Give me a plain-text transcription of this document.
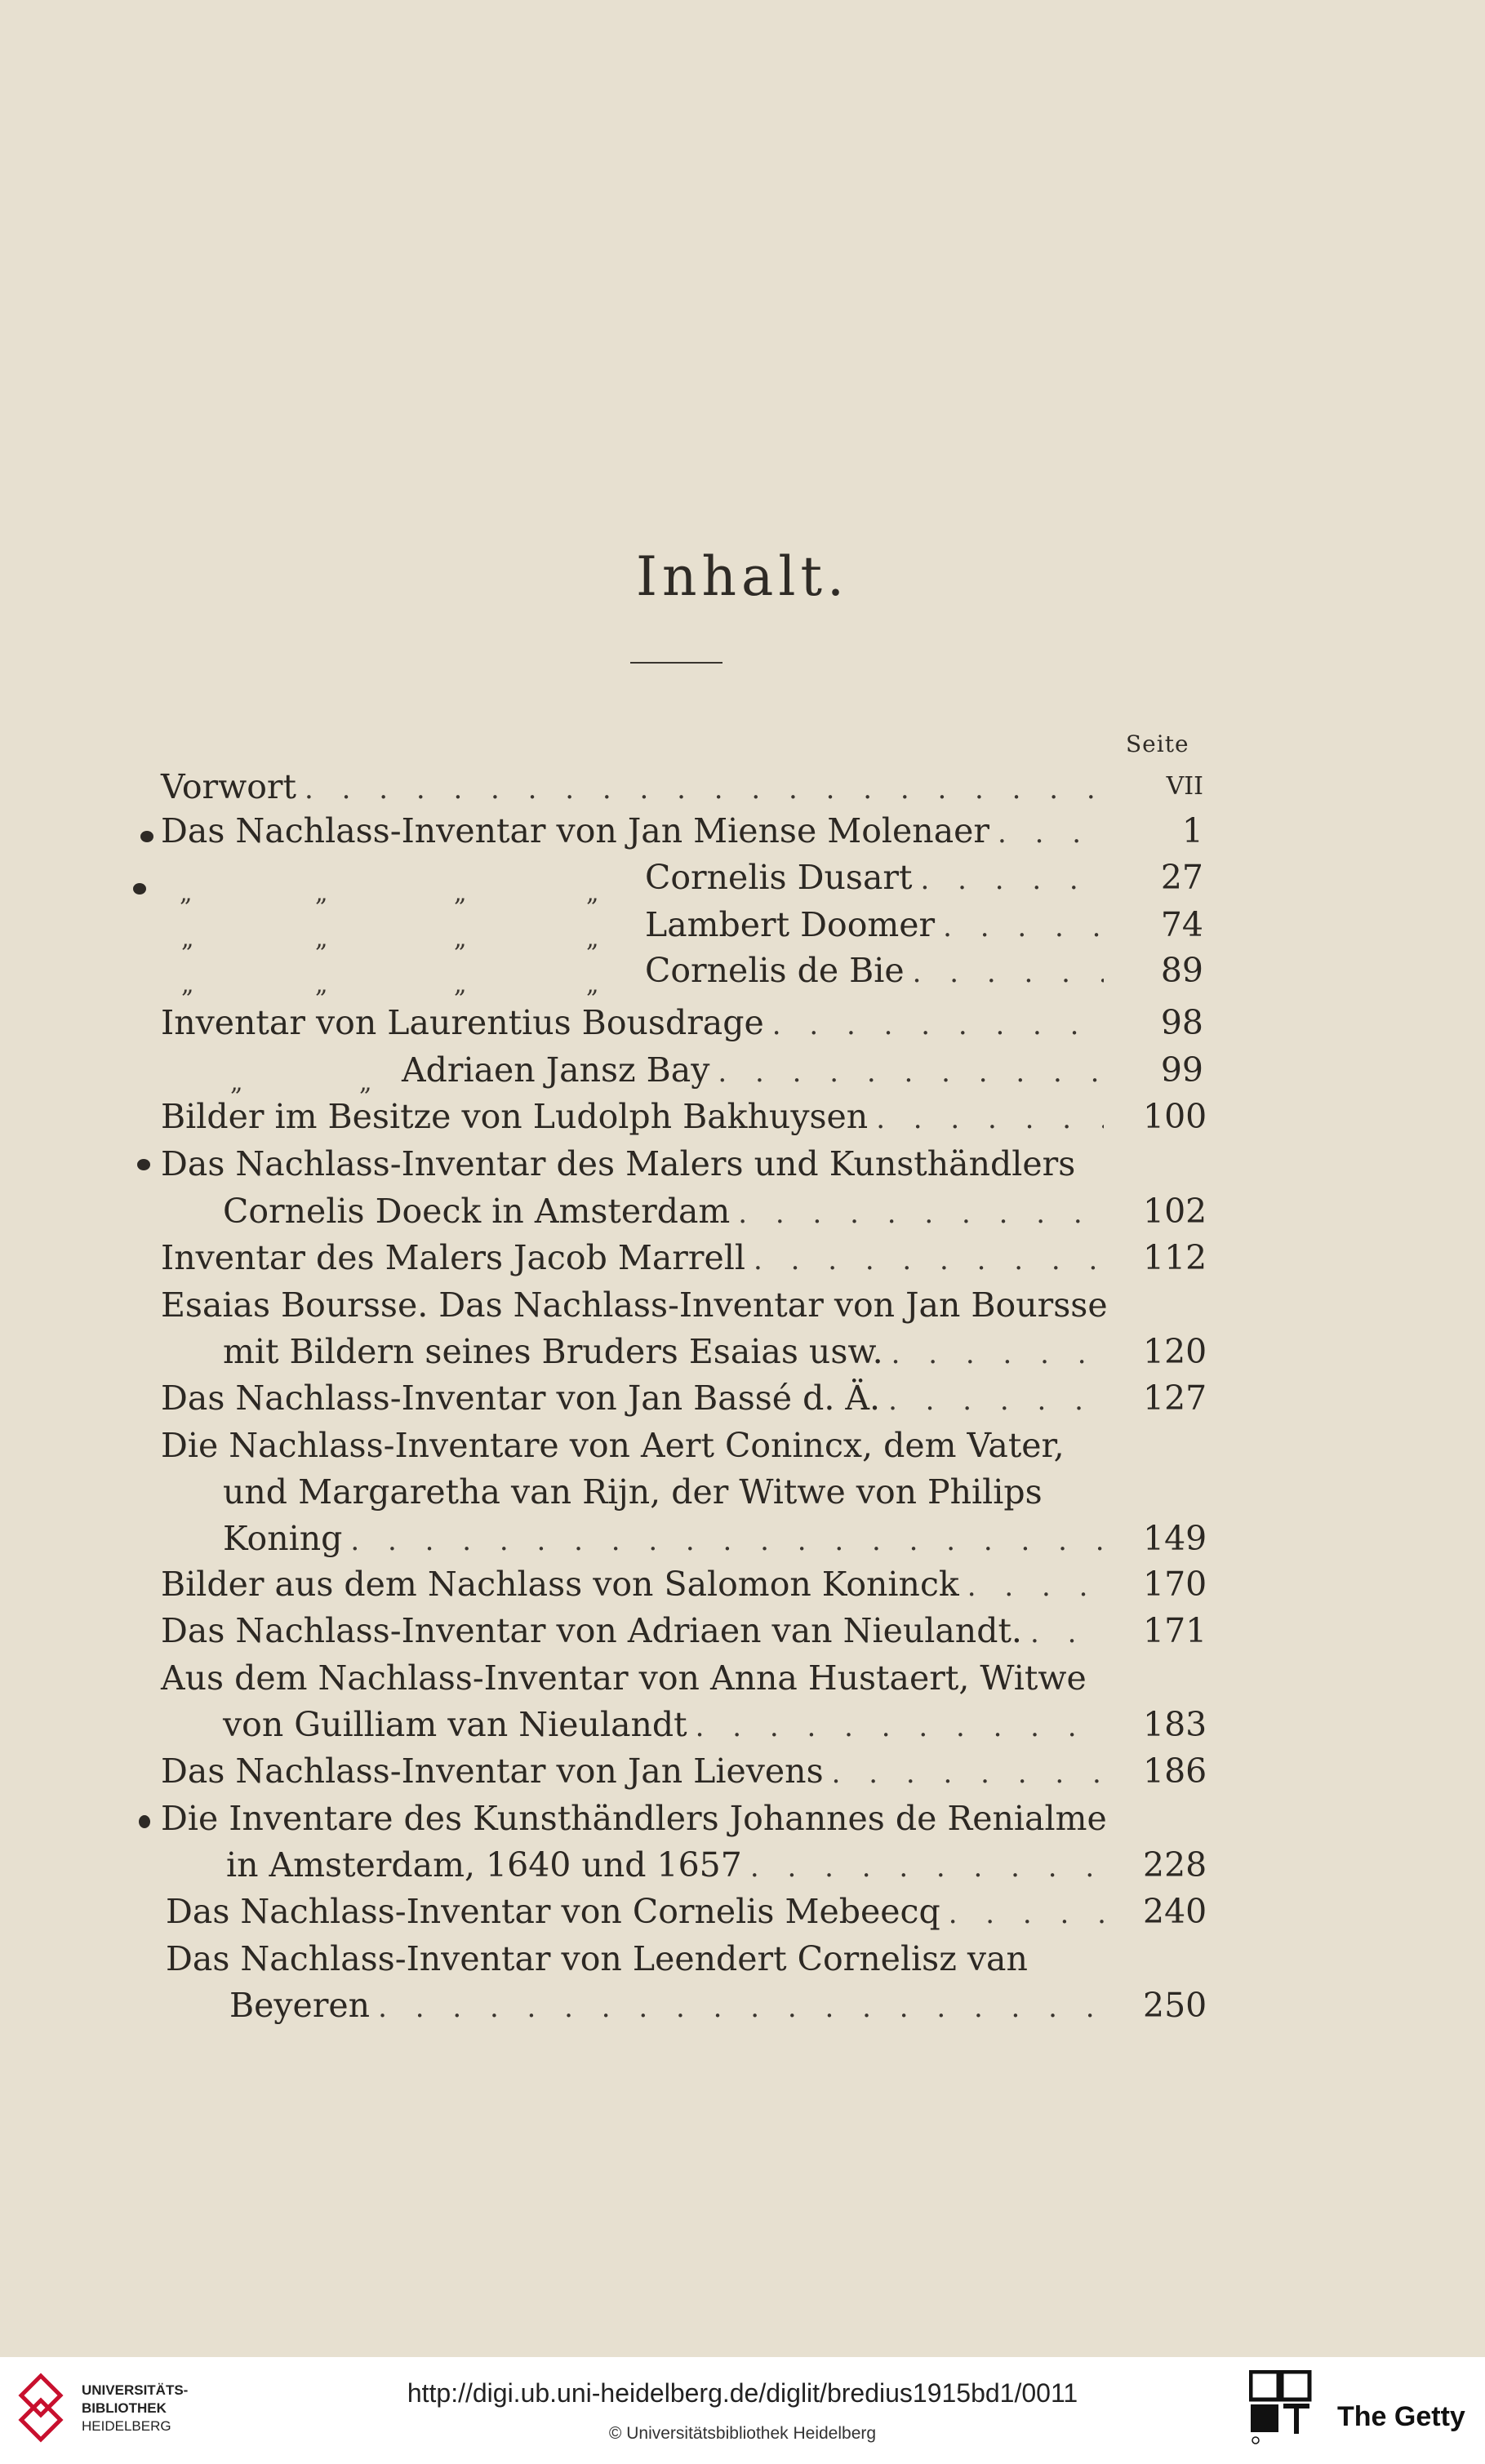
Inhalt.
Seite
Vorwort . . .	VII
Das Nachlass-Inventar von Jan Miense Molenaer . . .	1
„	„	„	„ Cornelis Dusart . . .	27
„	„	„	„ Lambert Doomer . . .	74
„	„	„	„ Cornelis de Bie . . .	89
Inventar von Laurentius Bousdrage . . .	98
„	„ Adriaen Jansz Bay . . .	99
Bilder im Besitze von Ludolph Bakhuysen . . .	100
Das Nachlass-Inventar des Malers und Kunsthändlers
Cornelis Doeck in Amsterdam . . .	102
Inventar des Malers Jacob Marrell . . .	112
Esaias Boursse. Das Nachlass-Inventar von Jan Boursse
mit Bildern seines Bruders Esaias usw. . . .	120
Das Nachlass-Inventar von Jan Bassé d. Ä. . . .	127
Die Nachlass-Inventare von Aert Conincx, dem Vater,
und Margaretha van Rijn, der Witwe von Philips
Koning . . .	149
Bilder aus dem Nachlass von Salomon Koninck . . .	170
Das Nachlass-Inventar von Adriaen van Nieulandt. . . .	171
Aus dem Nachlass-Inventar von Anna Hustaert, Witwe
von Guilliam van Nieulandt . . .	183
Das Nachlass-Inventar von Jan Lievens . . .	186
Die Inventare des Kunsthändlers Johannes de Renialme
in Amsterdam, 1640 und 1657 . . .	228
Das Nachlass-Inventar von Cornelis Mebeecq . . .	240
Das Nachlass-Inventar von Leendert Cornelisz van
Beyeren . . .	250
UNIVERSITÄTS-
BIBLIOTHEK
HEIDELBERG
http://digi.ub.uni-heidelberg.de/diglit/bredius1915bd1/0011
© Universitätsbibliothek Heidelberg
The Getty
